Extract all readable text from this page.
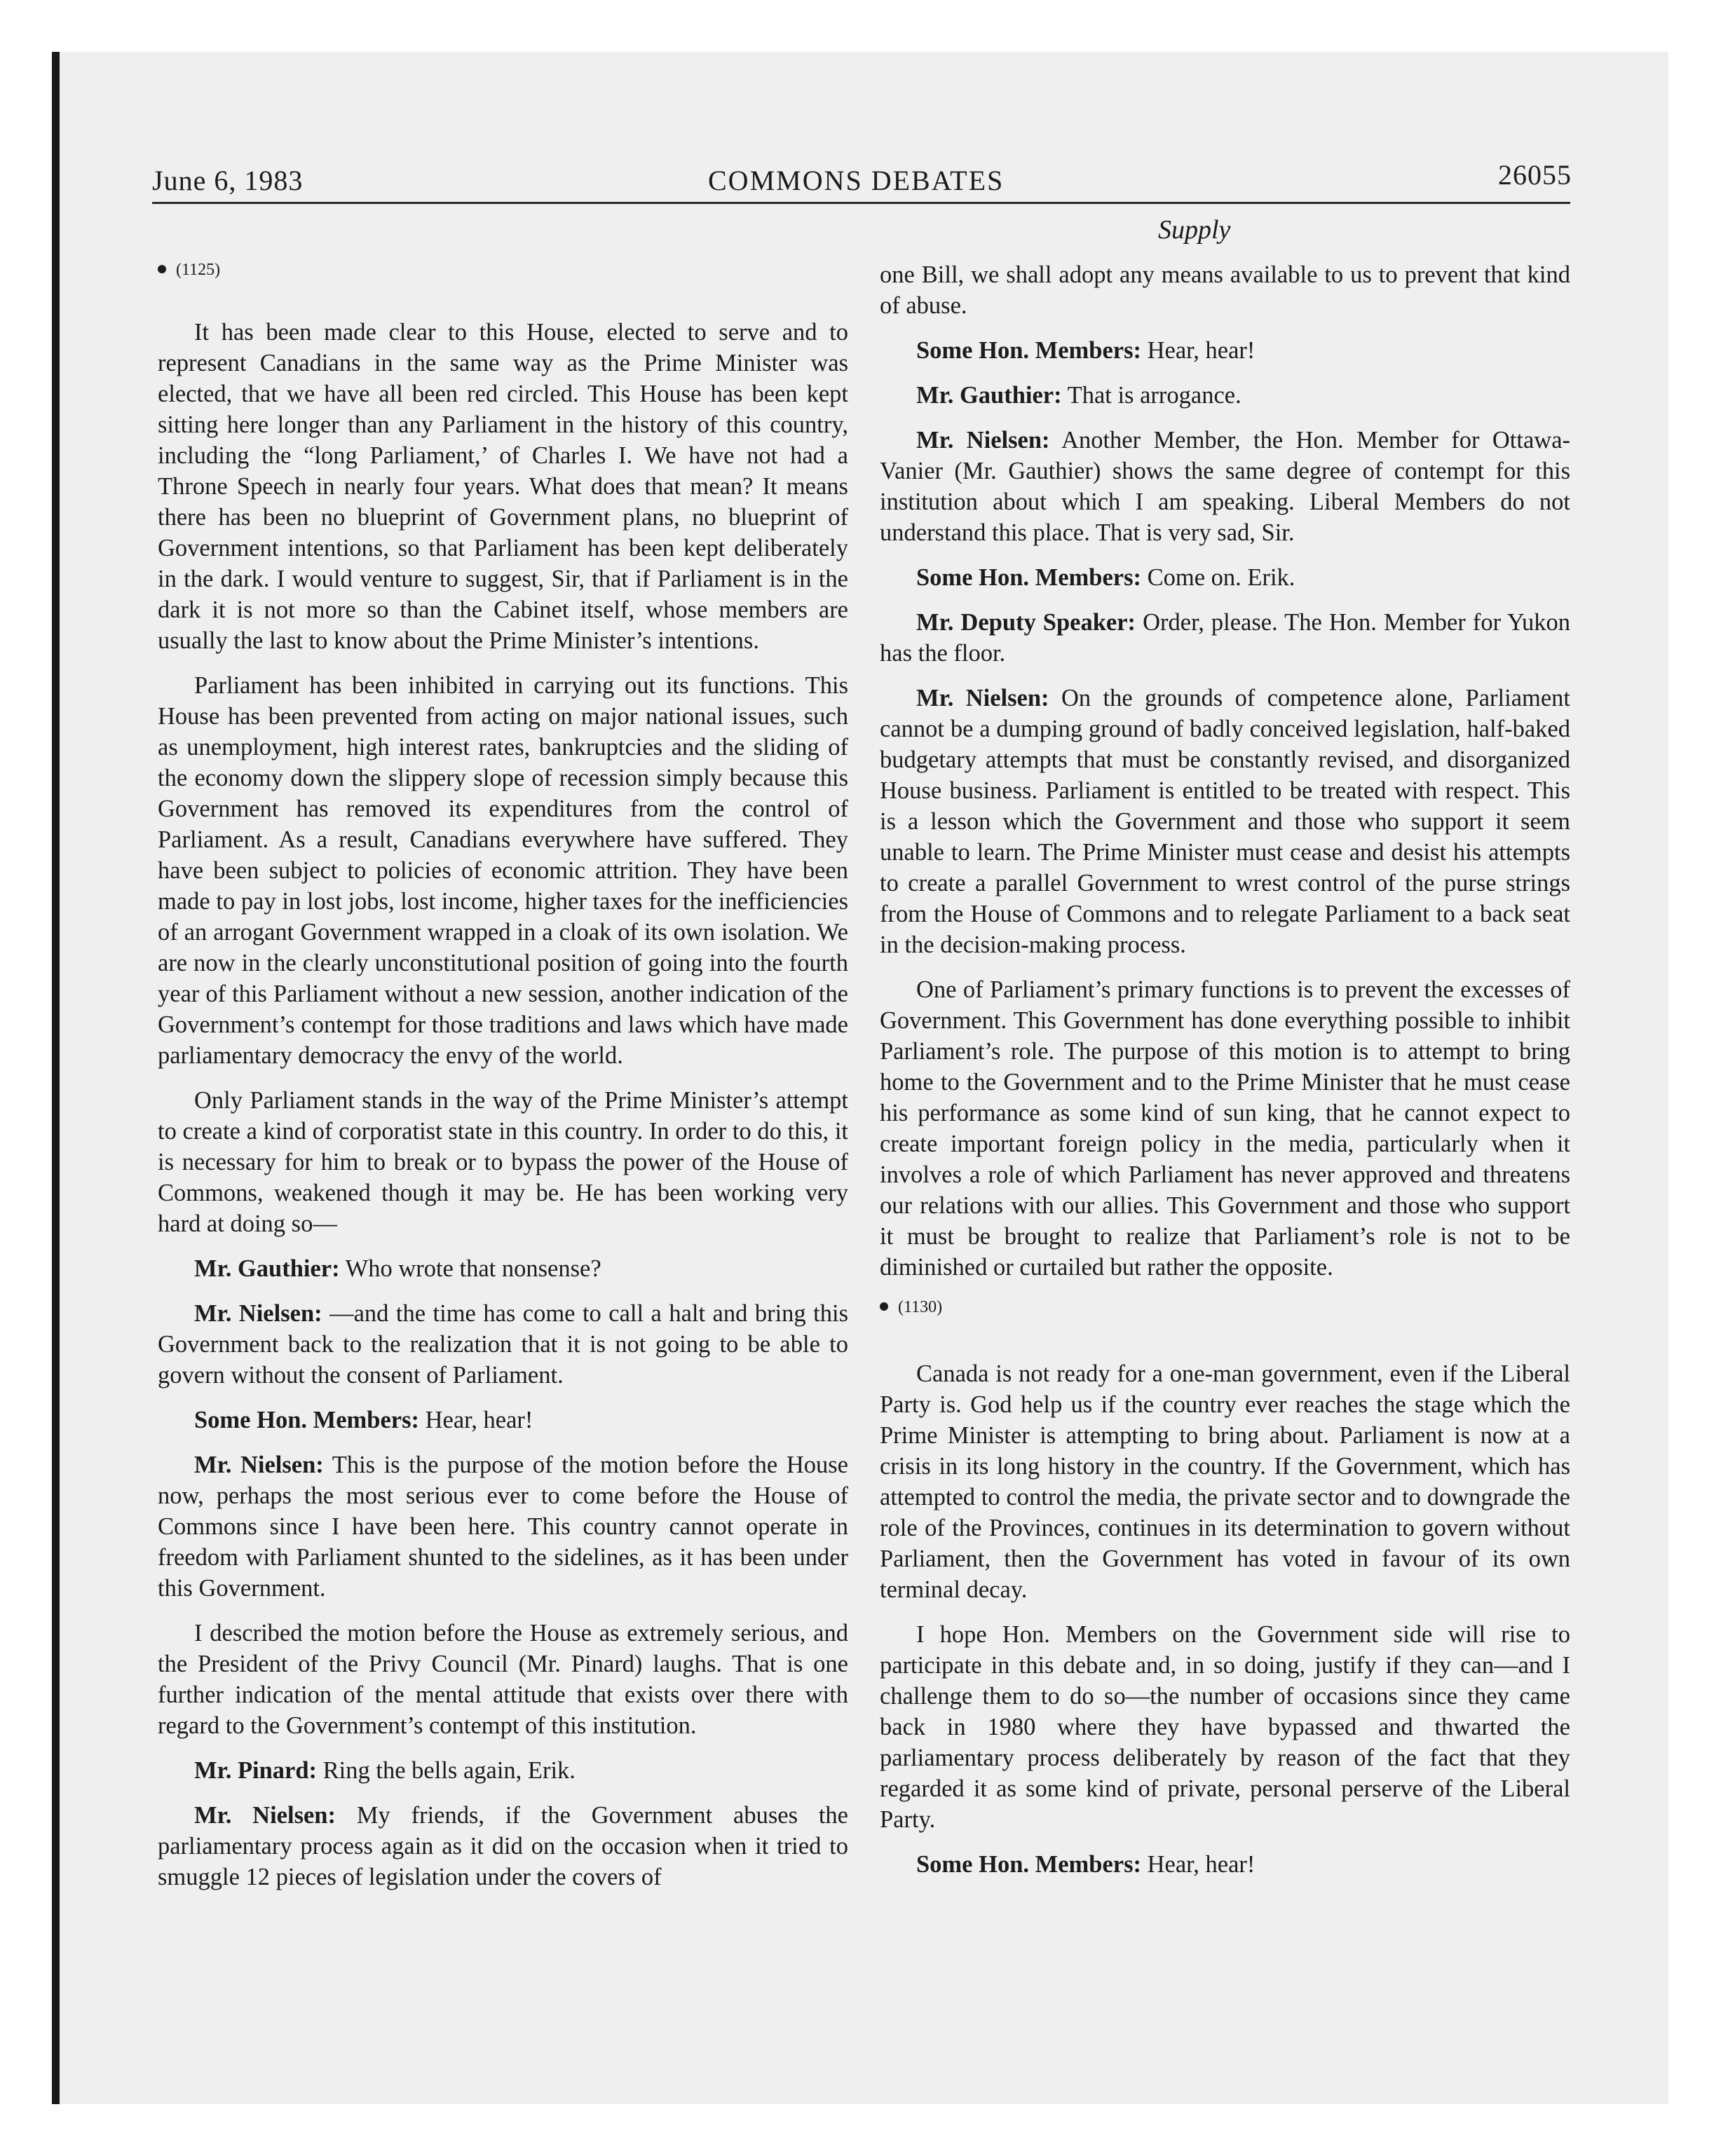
June 6, 1983	COMMONS DEBATES	26055
Supply
(1125)

It has been made clear to this House, elected to serve and to represent Canadians in the same way as the Prime Minister was elected, that we have all been red circled. This House has been kept sitting here longer than any Parliament in the history of this country, including the “long Parliament,’ of Charles I. We have not had a Throne Speech in nearly four years. What does that mean? It means there has been no blueprint of Government plans, no blueprint of Government intentions, so that Parliament has been kept deliberately in the dark. I would venture to suggest, Sir, that if Parliament is in the dark it is not more so than the Cabinet itself, whose members are usually the last to know about the Prime Minister’s intentions.

Parliament has been inhibited in carrying out its functions. This House has been prevented from acting on major national issues, such as unemployment, high interest rates, bankruptcies and the sliding of the economy down the slippery slope of recession simply because this Government has removed its expenditures from the control of Parliament. As a result, Canadians everywhere have suffered. They have been subject to policies of economic attrition. They have been made to pay in lost jobs, lost income, higher taxes for the inefficiencies of an arrogant Government wrapped in a cloak of its own isolation. We are now in the clearly unconstitutional position of going into the fourth year of this Parliament without a new session, another indication of the Government’s contempt for those traditions and laws which have made parliamentary democracy the envy of the world.

Only Parliament stands in the way of the Prime Minister’s attempt to create a kind of corporatist state in this country. In order to do this, it is necessary for him to break or to bypass the power of the House of Commons, weakened though it may be. He has been working very hard at doing so—

Mr. Gauthier: Who wrote that nonsense?

Mr. Nielsen: —and the time has come to call a halt and bring this Government back to the realization that it is not going to be able to govern without the consent of Parliament.

Some Hon. Members: Hear, hear!

Mr. Nielsen: This is the purpose of the motion before the House now, perhaps the most serious ever to come before the House of Commons since I have been here. This country cannot operate in freedom with Parliament shunted to the sidelines, as it has been under this Government.

I described the motion before the House as extremely serious, and the President of the Privy Council (Mr. Pinard) laughs. That is one further indication of the mental attitude that exists over there with regard to the Government’s contempt of this institution.

Mr. Pinard: Ring the bells again, Erik.

Mr. Nielsen: My friends, if the Government abuses the parliamentary process again as it did on the occasion when it tried to smuggle 12 pieces of legislation under the covers of

one Bill, we shall adopt any means available to us to prevent that kind of abuse.

Some Hon. Members: Hear, hear!

Mr. Gauthier: That is arrogance.

Mr. Nielsen: Another Member, the Hon. Member for Ottawa-Vanier (Mr. Gauthier) shows the same degree of contempt for this institution about which I am speaking. Liberal Members do not understand this place. That is very sad, Sir.

Some Hon. Members: Come on. Erik.

Mr. Deputy Speaker: Order, please. The Hon. Member for Yukon has the floor.

Mr. Nielsen: On the grounds of competence alone, Parliament cannot be a dumping ground of badly conceived legislation, half-baked budgetary attempts that must be constantly revised, and disorganized House business. Parliament is entitled to be treated with respect. This is a lesson which the Government and those who support it seem unable to learn. The Prime Minister must cease and desist his attempts to create a parallel Government to wrest control of the purse strings from the House of Commons and to relegate Parliament to a back seat in the decision-making process.

One of Parliament’s primary functions is to prevent the excesses of Government. This Government has done everything possible to inhibit Parliament’s role. The purpose of this motion is to attempt to bring home to the Government and to the Prime Minister that he must cease his performance as some kind of sun king, that he cannot expect to create important foreign policy in the media, particularly when it involves a role of which Parliament has never approved and threatens our relations with our allies. This Government and those who support it must be brought to realize that Parliament’s role is not to be diminished or curtailed but rather the opposite.

(1130)

Canada is not ready for a one-man government, even if the Liberal Party is. God help us if the country ever reaches the stage which the Prime Minister is attempting to bring about. Parliament is now at a crisis in its long history in the country. If the Government, which has attempted to control the media, the private sector and to downgrade the role of the Provinces, continues in its determination to govern without Parliament, then the Government has voted in favour of its own terminal decay.

I hope Hon. Members on the Government side will rise to participate in this debate and, in so doing, justify if they can—and I challenge them to do so—the number of occasions since they came back in 1980 where they have bypassed and thwarted the parliamentary process deliberately by reason of the fact that they regarded it as some kind of private, personal perserve of the Liberal Party.

Some Hon. Members: Hear, hear!
